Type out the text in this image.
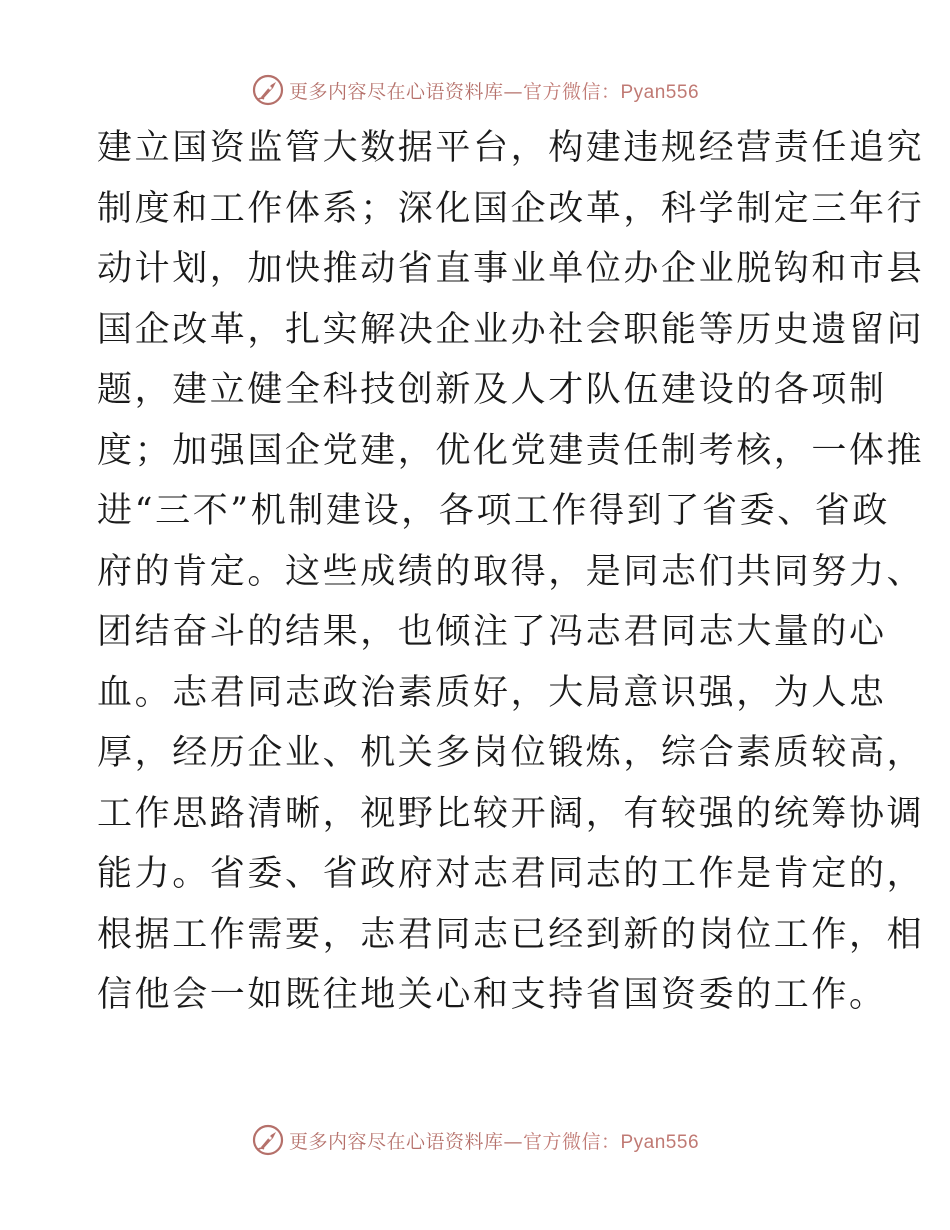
更多内容尽在心语资料库—官方微信：Pyan556
建立国资监管大数据平台，构建违规经营责任追究
制度和工作体系；深化国企改革，科学制定三年行
动计划，加快推动省直事业单位办企业脱钩和市县
国企改革，扎实解决企业办社会职能等历史遗留问
题，建立健全科技创新及人才队伍建设的各项制
度；加强国企党建，优化党建责任制考核，一体推
进“三不”机制建设，各项工作得到了省委、省政
府的肯定。这些成绩的取得，是同志们共同努力、
团结奋斗的结果，也倾注了冯志君同志大量的心
血。志君同志政治素质好，大局意识强，为人忠
厚，经历企业、机关多岗位锻炼，综合素质较高，
工作思路清晰，视野比较开阔，有较强的统筹协调
能力。省委、省政府对志君同志的工作是肯定的，
根据工作需要，志君同志已经到新的岗位工作，相
信他会一如既往地关心和支持省国资委的工作。
更多内容尽在心语资料库—官方微信：Pyan556
